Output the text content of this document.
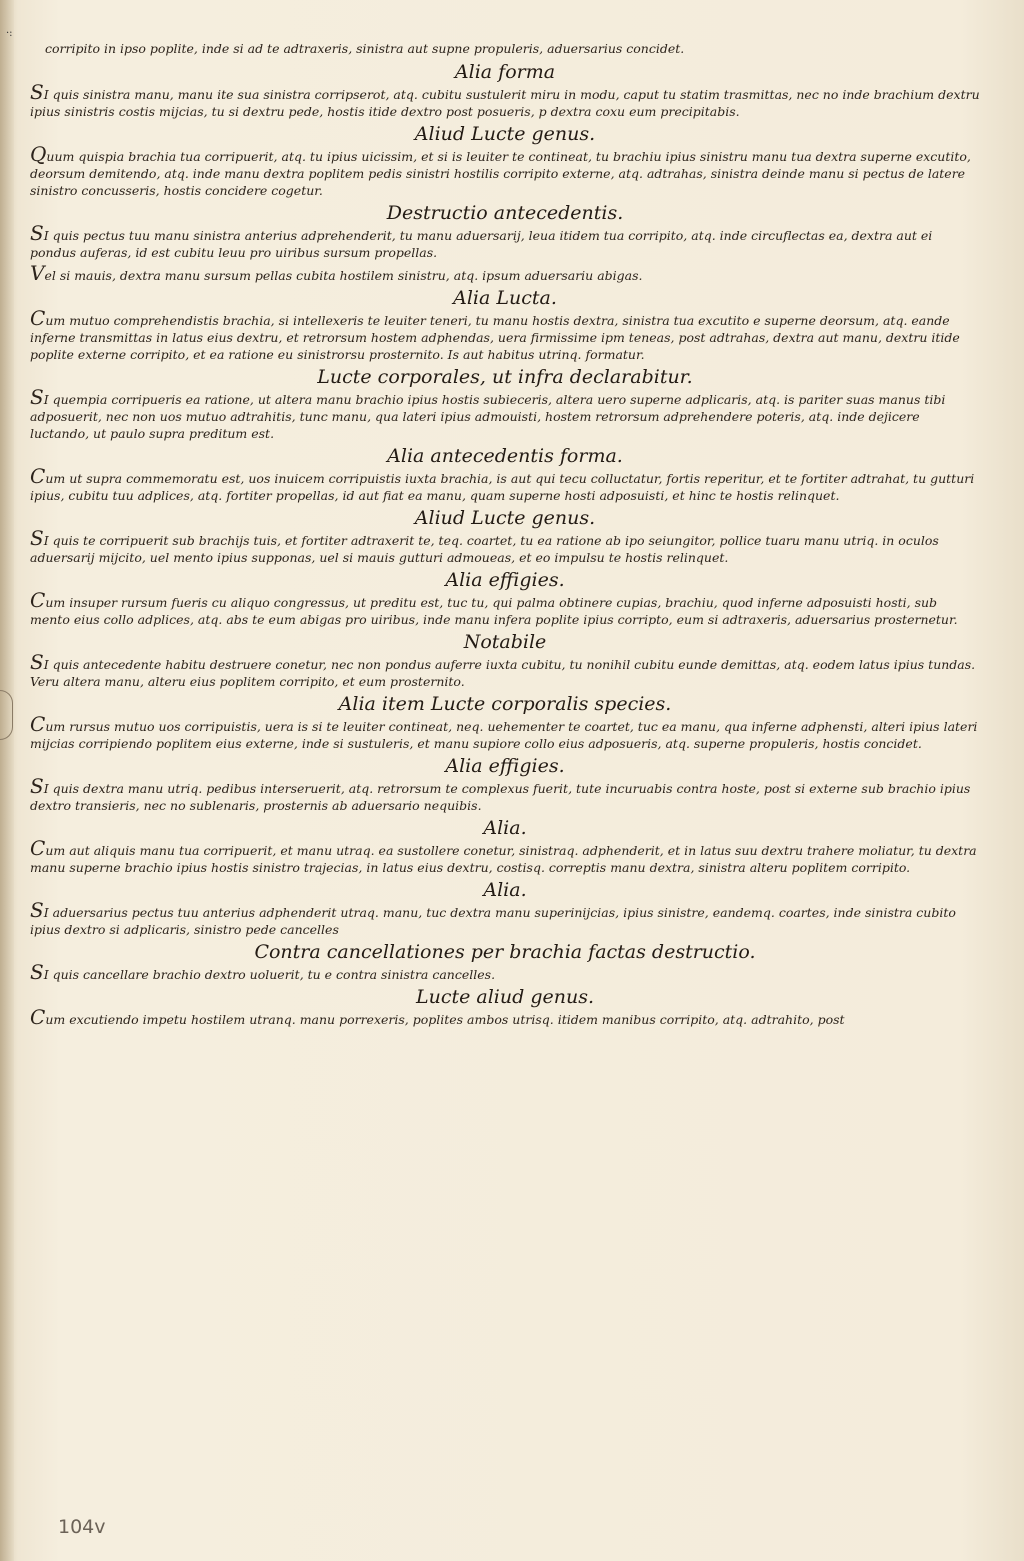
·:

corripito in ipso poplite, inde si ad te adtraxeris, sinistra aut supne propuleris, aduersarius concidet.

Alia forma

SI quis sinistra manu, manu ite sua sinistra corripserot, atq. cubitu sustulerit miru in modu, caput tu statim trasmittas, nec no inde brachium dextru ipius sinistris costis mijcias, tu si dextru pede, hostis itide dextro post posueris, p dextra coxu eum precipitabis.

Aliud Lucte genus.

Quum quispia brachia tua corripuerit, atq. tu ipius uicissim, et si is leuiter te contineat, tu brachiu ipius sinistru manu tua dextra superne excutito, deorsum demitendo, atq. inde manu dextra poplitem pedis sinistri hostilis corripito externe, atq. adtrahas, sinistra deinde manu si pectus de latere sinistro concusseris, hostis concidere cogetur.

Destructio antecedentis.

SI quis pectus tuu manu sinistra anterius adprehenderit, tu manu aduersarij, leua itidem tua corripito, atq. inde circuflectas ea, dextra aut ei pondus auferas, id est cubitu leuu pro uiribus sursum propellas.

Vel si mauis, dextra manu sursum pellas cubita hostilem sinistru, atq. ipsum aduersariu abigas.

Alia Lucta.

Cum mutuo comprehendistis brachia, si intellexeris te leuiter teneri, tu manu hostis dextra, sinistra tua excutito e superne deorsum, atq. eande inferne transmittas in latus eius dextru, et retrorsum hostem adphendas, uera firmissime ipm teneas, post adtrahas, dextra aut manu, dextru itide poplite externe corripito, et ea ratione eu sinistrorsu prosternito. Is aut habitus utrinq. formatur.

Lucte corporales, ut infra declarabitur.

SI quempia corripueris ea ratione, ut altera manu brachio ipius hostis subieceris, altera uero superne adplicaris, atq. is pariter suas manus tibi adposuerit, nec non uos mutuo adtrahitis, tunc manu, qua lateri ipius admouisti, hostem retrorsum adprehendere poteris, atq. inde dejicere luctando, ut paulo supra preditum est.

Alia antecedentis forma.

Cum ut supra commemoratu est, uos inuicem corripuistis iuxta brachia, is aut qui tecu colluctatur, fortis reperitur, et te fortiter adtrahat, tu gutturi ipius, cubitu tuu adplices, atq. fortiter propellas, id aut fiat ea manu, quam superne hosti adposuisti, et hinc te hostis relinquet.

Aliud Lucte genus.

SI quis te corripuerit sub brachijs tuis, et fortiter adtraxerit te, teq. coartet, tu ea ratione ab ipo seiungitor, pollice tuaru manu utriq. in oculos aduersarij mijcito, uel mento ipius supponas, uel si mauis gutturi admoueas, et eo impulsu te hostis relinquet.

Alia effigies.

Cum insuper rursum fueris cu aliquo congressus, ut preditu est, tuc tu, qui palma obtinere cupias, brachiu, quod inferne adposuisti hosti, sub mento eius collo adplices, atq. abs te eum abigas pro uiribus, inde manu infera poplite ipius corripto, eum si adtraxeris, aduersarius prosternetur.

Notabile

SI quis antecedente habitu destruere conetur, nec non pondus auferre iuxta cubitu, tu nonihil cubitu eunde demittas, atq. eodem latus ipius tundas. Veru altera manu, alteru eius poplitem corripito, et eum prosternito.

Alia item Lucte corporalis species.

Cum rursus mutuo uos corripuistis, uera is si te leuiter contineat, neq. uehementer te coartet, tuc ea manu, qua inferne adphensti, alteri ipius lateri mijcias corripiendo poplitem eius externe, inde si sustuleris, et manu supiore collo eius adposueris, atq. superne propuleris, hostis concidet.

Alia effigies.

SI quis dextra manu utriq. pedibus interseruerit, atq. retrorsum te complexus fuerit, tute incuruabis contra hoste, post si externe sub brachio ipius dextro transieris, nec no sublenaris, prosternis ab aduersario nequibis.

Alia.

Cum aut aliquis manu tua corripuerit, et manu utraq. ea sustollere conetur, sinistraq. adphenderit, et in latus suu dextru trahere moliatur, tu dextra manu superne brachio ipius hostis sinistro trajecias, in latus eius dextru, costisq. correptis manu dextra, sinistra alteru poplitem corripito.

Alia.

SI aduersarius pectus tuu anterius adphenderit utraq. manu, tuc dextra manu superinijcias, ipius sinistre, eandemq. coartes, inde sinistra cubito ipius dextro si adplicaris, sinistro pede cancelles

Contra cancellationes per brachia factas destructio.

SI quis cancellare brachio dextro uoluerit, tu e contra sinistra cancelles.

Lucte aliud genus.

Cum excutiendo impetu hostilem utranq. manu porrexeris, poplites ambos utrisq. itidem manibus corripito, atq. adtrahito, post

104v
